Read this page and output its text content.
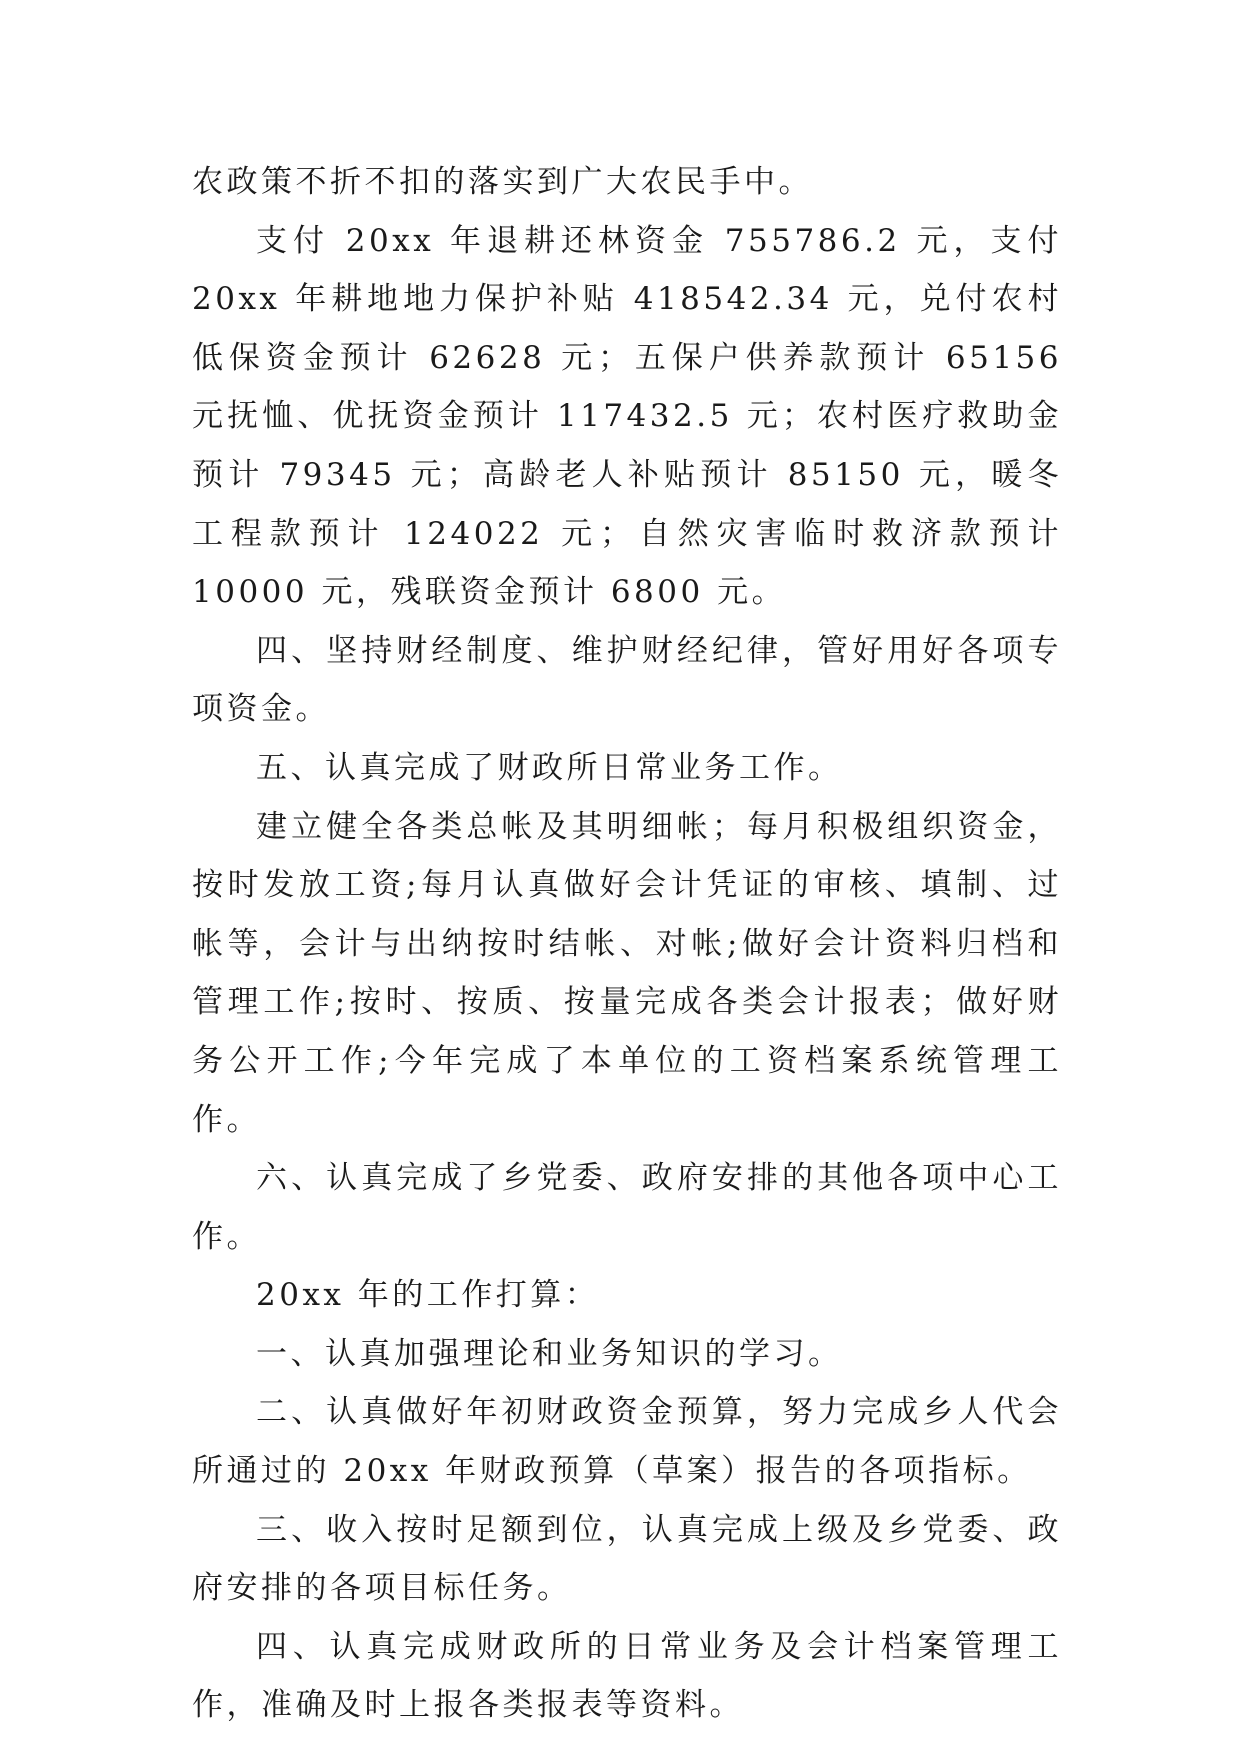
农政策不折不扣的落实到广大农民手中。

支付 20xx 年退耕还林资金 755786.2 元，支付 20xx 年耕地地力保护补贴 418542.34 元，兑付农村低保资金预计 62628 元；五保户供养款预计 65156 元抚恤、优抚资金预计 117432.5 元；农村医疗救助金预计 79345 元；高龄老人补贴预计 85150 元，暖冬工程款预计 124022 元；自然灾害临时救济款预计 10000 元，残联资金预计 6800 元。

四、坚持财经制度、维护财经纪律，管好用好各项专项资金。

五、认真完成了财政所日常业务工作。

建立健全各类总帐及其明细帐；每月积极组织资金，按时发放工资;每月认真做好会计凭证的审核、填制、过帐等，会计与出纳按时结帐、对帐;做好会计资料归档和管理工作;按时、按质、按量完成各类会计报表；做好财务公开工作;今年完成了本单位的工资档案系统管理工作。

六、认真完成了乡党委、政府安排的其他各项中心工作。

20xx 年的工作打算：

一、认真加强理论和业务知识的学习。

二、认真做好年初财政资金预算，努力完成乡人代会所通过的 20xx 年财政预算（草案）报告的各项指标。

三、收入按时足额到位，认真完成上级及乡党委、政府安排的各项目标任务。

四、认真完成财政所的日常业务及会计档案管理工作，准确及时上报各类报表等资料。
